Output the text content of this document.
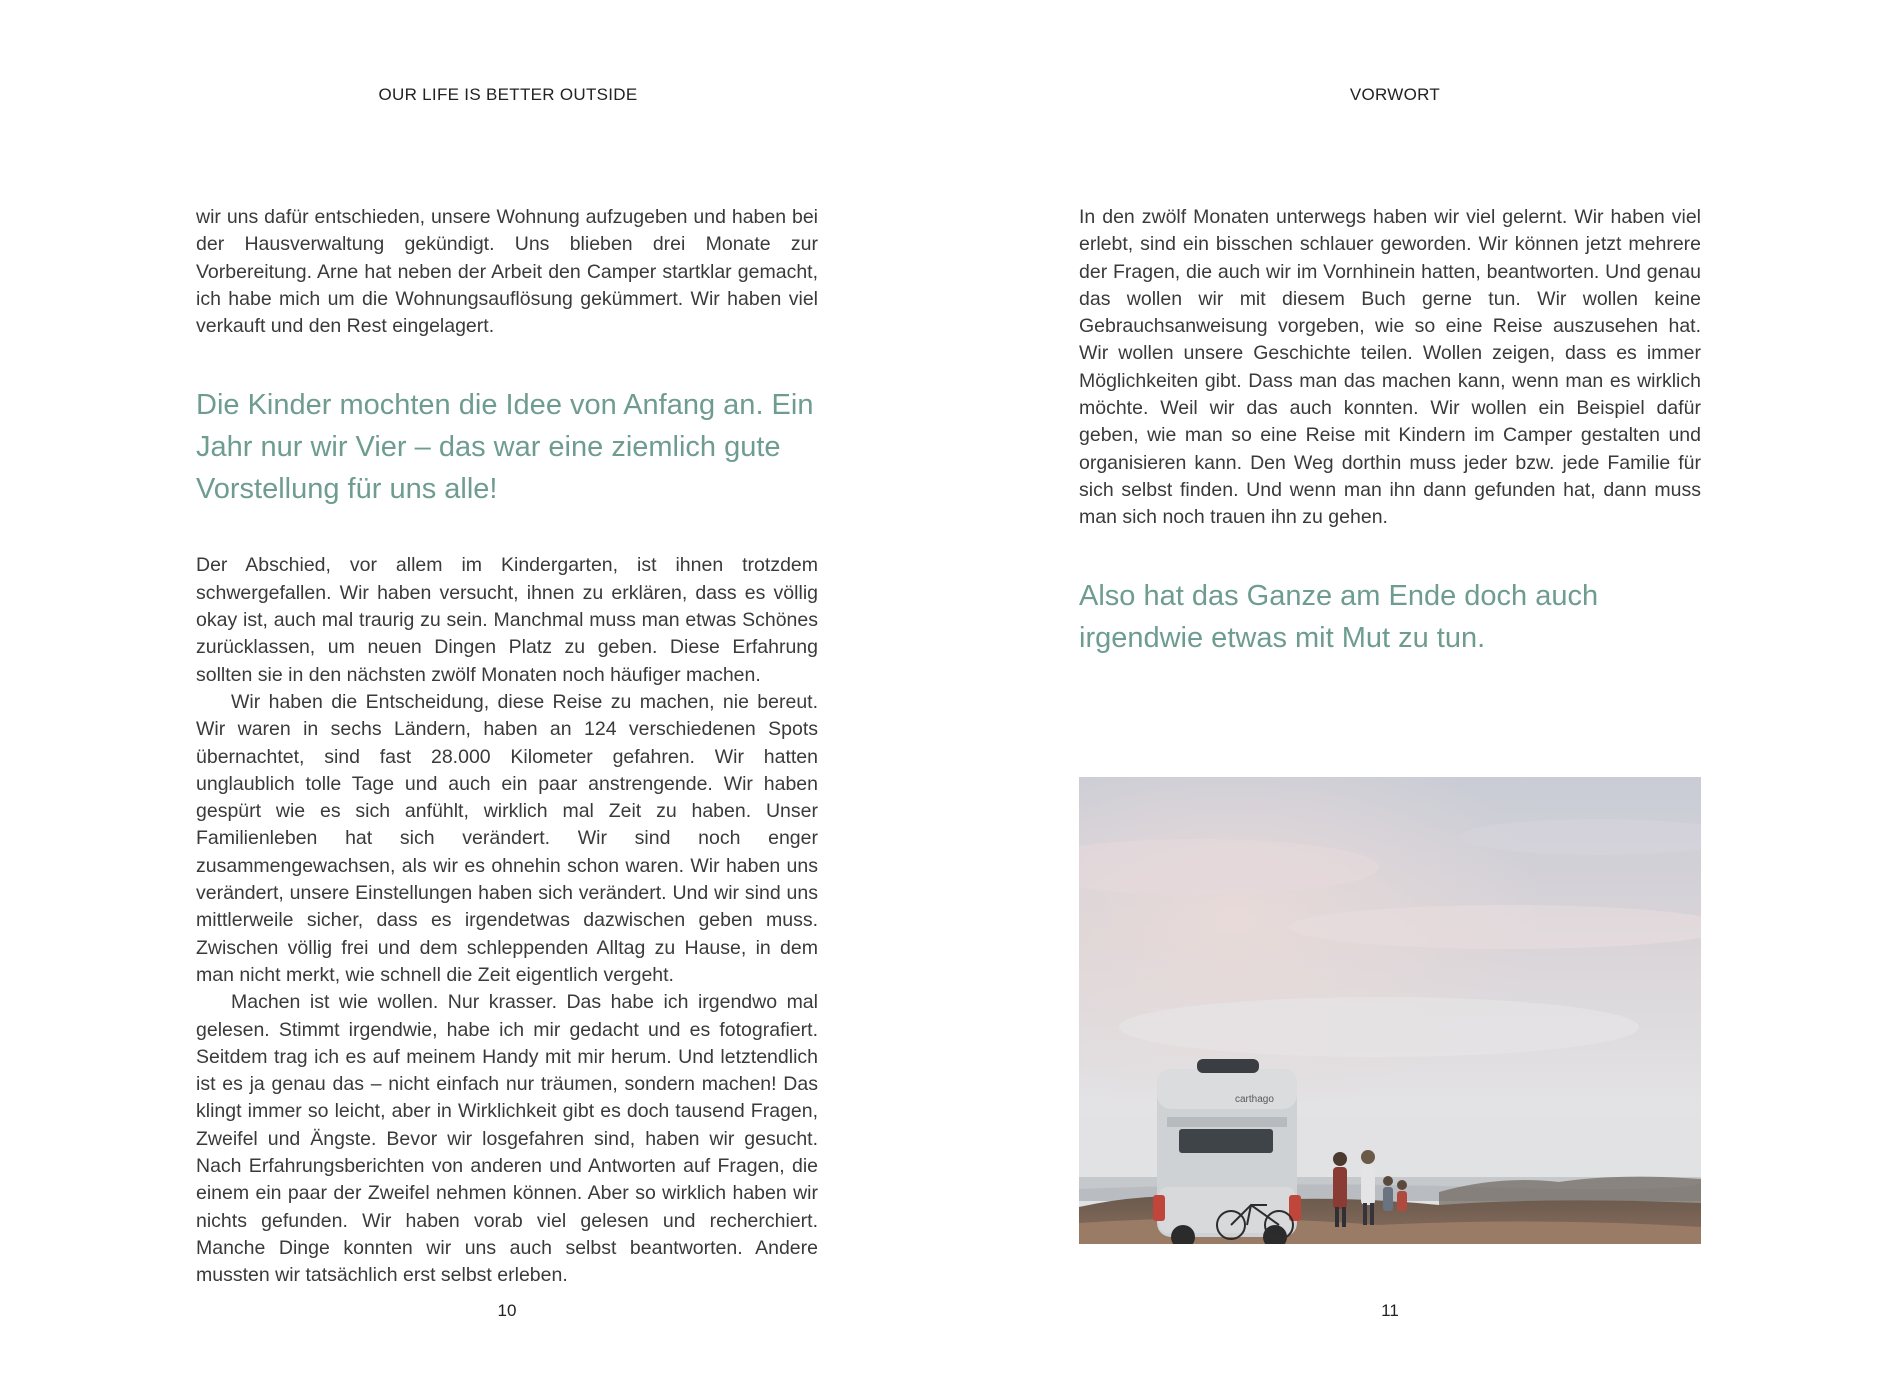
OUR LIFE IS BETTER OUTSIDE

wir uns dafür entschieden, unsere Wohnung aufzugeben und haben bei der Hausverwaltung gekündigt. Uns blieben drei Monate zur Vorbereitung. Arne hat neben der Arbeit den Camper startklar gemacht, ich habe mich um die Wohnungsauflösung gekümmert. Wir haben viel verkauft und den Rest eingelagert.

Die Kinder mochten die Idee von Anfang an. Ein Jahr nur wir Vier – das war eine ziemlich gute Vorstellung für uns alle!

Der Abschied, vor allem im Kindergarten, ist ihnen trotzdem schwergefallen. Wir haben versucht, ihnen zu erklären, dass es völlig okay ist, auch mal traurig zu sein. Manchmal muss man etwas Schönes zurücklassen, um neuen Dingen Platz zu geben. Diese Erfahrung sollten sie in den nächsten zwölf Monaten noch häufiger machen.

Wir haben die Entscheidung, diese Reise zu machen, nie bereut. Wir waren in sechs Ländern, haben an 124 verschiedenen Spots übernachtet, sind fast 28.000 Kilometer gefahren. Wir hatten unglaublich tolle Tage und auch ein paar anstrengende. Wir haben gespürt wie es sich anfühlt, wirklich mal Zeit zu haben. Unser Familienleben hat sich verändert. Wir sind noch enger zusammengewachsen, als wir es ohnehin schon waren. Wir haben uns verändert, unsere Einstellungen haben sich verändert. Und wir sind uns mittlerweile sicher, dass es irgendetwas dazwischen geben muss. Zwischen völlig frei und dem schleppenden Alltag zu Hause, in dem man nicht merkt, wie schnell die Zeit eigentlich vergeht.

Machen ist wie wollen. Nur krasser. Das habe ich irgendwo mal gelesen. Stimmt irgendwie, habe ich mir gedacht und es fotografiert. Seitdem trag ich es auf meinem Handy mit mir herum. Und letztendlich ist es ja genau das – nicht einfach nur träumen, sondern machen! Das klingt immer so leicht, aber in Wirklichkeit gibt es doch tausend Fragen, Zweifel und Ängste. Bevor wir losgefahren sind, haben wir gesucht. Nach Erfahrungsberichten von anderen und Antworten auf Fragen, die einem ein paar der Zweifel nehmen können. Aber so wirklich haben wir nichts gefunden. Wir haben vorab viel gelesen und recherchiert. Manche Dinge konnten wir uns auch selbst beantworten. Andere mussten wir tatsächlich erst selbst erleben.

10
VORWORT

In den zwölf Monaten unterwegs haben wir viel gelernt. Wir haben viel erlebt, sind ein bisschen schlauer geworden. Wir können jetzt mehrere der Fragen, die auch wir im Vornhinein hatten, beantworten. Und genau das wollen wir mit diesem Buch gerne tun. Wir wollen keine Gebrauchsanweisung vorgeben, wie so eine Reise auszusehen hat. Wir wollen unsere Geschichte teilen. Wollen zeigen, dass es immer Möglichkeiten gibt. Dass man das machen kann, wenn man es wirklich möchte. Weil wir das auch konnten. Wir wollen ein Beispiel dafür geben, wie man so eine Reise mit Kindern im Camper gestalten und organisieren kann. Den Weg dorthin muss jeder bzw. jede Familie für sich selbst finden. Und wenn man ihn dann gefunden hat, dann muss man sich noch trauen ihn zu gehen.

Also hat das Ganze am Ende doch auch irgendwie etwas mit Mut zu tun.
carthago
11
